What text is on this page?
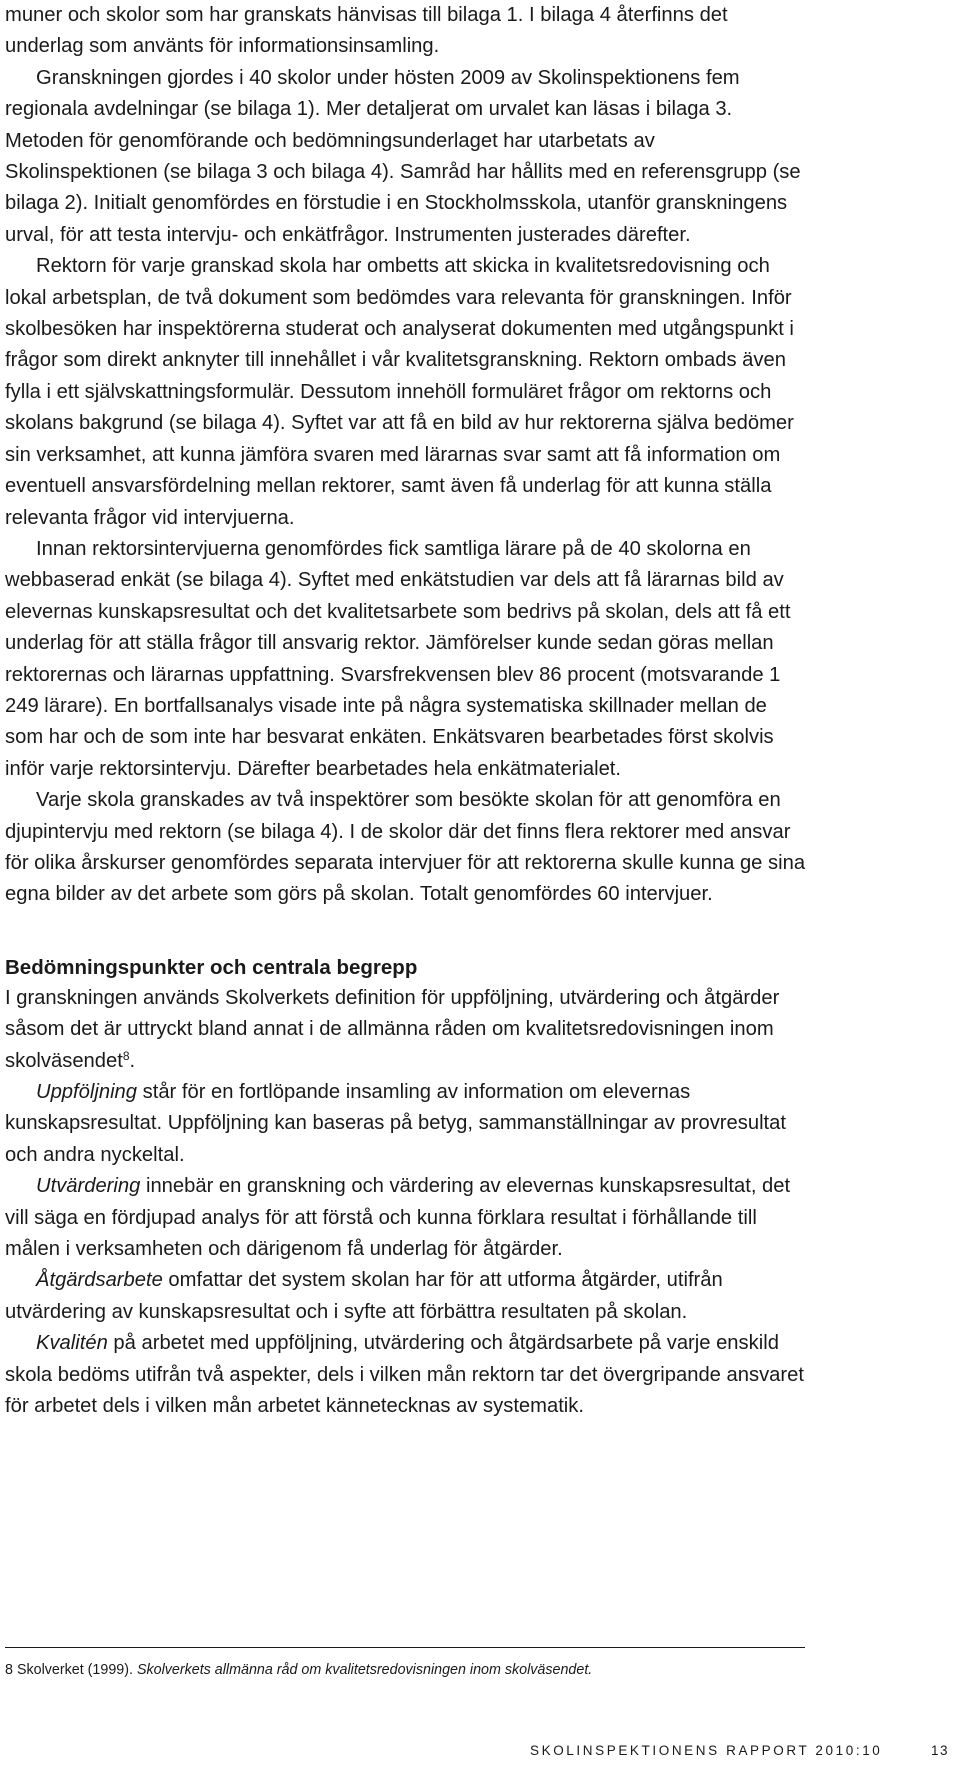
muner och skolor som har granskats hänvisas till bilaga 1. I bilaga 4 återfinns det underlag som använts för informationsinsamling.

Granskningen gjordes i 40 skolor under hösten 2009 av Skolinspektionens fem regionala avdelningar (se bilaga 1). Mer detaljerat om urvalet kan läsas i bilaga 3. Metoden för genomförande och bedömningsunderlaget har utarbetats av Skolinspektionen (se bilaga 3 och bilaga 4). Samråd har hållits med en referensgrupp (se bilaga 2). Initialt genomfördes en förstudie i en Stockholmsskola, utanför granskningens urval, för att testa intervju- och enkätfrågor. Instrumenten justerades därefter.

Rektorn för varje granskad skola har ombetts att skicka in kvalitetsredovisning och lokal arbetsplan, de två dokument som bedömdes vara relevanta för granskningen. Inför skolbesöken har inspektörerna studerat och analyserat dokumenten med utgångspunkt i frågor som direkt anknyter till innehållet i vår kvalitetsgranskning. Rektorn ombads även fylla i ett självskattningsformulär. Dessutom innehöll formuläret frågor om rektorns och skolans bakgrund (se bilaga 4). Syftet var att få en bild av hur rektorerna själva bedömer sin verksamhet, att kunna jämföra svaren med lärarnas svar samt att få information om eventuell ansvarsfördelning mellan rektorer, samt även få underlag för att kunna ställa relevanta frågor vid intervjuerna.

Innan rektorsintervjuerna genomfördes fick samtliga lärare på de 40 skolorna en webbaserad enkät (se bilaga 4). Syftet med enkätstudien var dels att få lärarnas bild av elevernas kunskapsresultat och det kvalitetsarbete som bedrivs på skolan, dels att få ett underlag för att ställa frågor till ansvarig rektor. Jämförelser kunde sedan göras mellan rektorernas och lärarnas uppfattning. Svarsfrekvensen blev 86 procent (motsvarande 1 249 lärare). En bortfallsanalys visade inte på några systematiska skillnader mellan de som har och de som inte har besvarat enkäten. Enkätsvaren bearbetades först skolvis inför varje rektorsintervju. Därefter bearbetades hela enkätmaterialet.

Varje skola granskades av två inspektörer som besökte skolan för att genomföra en djupintervju med rektorn (se bilaga 4). I de skolor där det finns flera rektorer med ansvar för olika årskurser genomfördes separata intervjuer för att rektorerna skulle kunna ge sina egna bilder av det arbete som görs på skolan. Totalt genomfördes 60 intervjuer.

Bedömningspunkter och centrala begrepp

I granskningen används Skolverkets definition för uppföljning, utvärdering och åtgärder såsom det är uttryckt bland annat i de allmänna råden om kvalitetsredovisningen inom skolväsendet$^8$.

Uppföljning står för en fortlöpande insamling av information om elevernas kunskapsresultat. Uppföljning kan baseras på betyg, sammanställningar av provresultat och andra nyckeltal.

Utvärdering innebär en granskning och värdering av elevernas kunskapsresultat, det vill säga en fördjupad analys för att förstå och kunna förklara resultat i förhållande till målen i verksamheten och därigenom få underlag för åtgärder.

Åtgärdsarbete omfattar det system skolan har för att utforma åtgärder, utifrån utvärdering av kunskapsresultat och i syfte att förbättra resultaten på skolan.

Kvalitén på arbetet med uppföljning, utvärdering och åtgärdsarbete på varje enskild skola bedöms utifrån två aspekter, dels i vilken mån rektorn tar det övergripande ansvaret för arbetet dels i vilken mån arbetet kännetecknas av systematik.

8 Skolverket (1999). Skolverkets allmänna råd om kvalitetsredovisningen inom skolväsendet.

SKOLINSPEKTIONENS RAPPORT 2010:10	13
